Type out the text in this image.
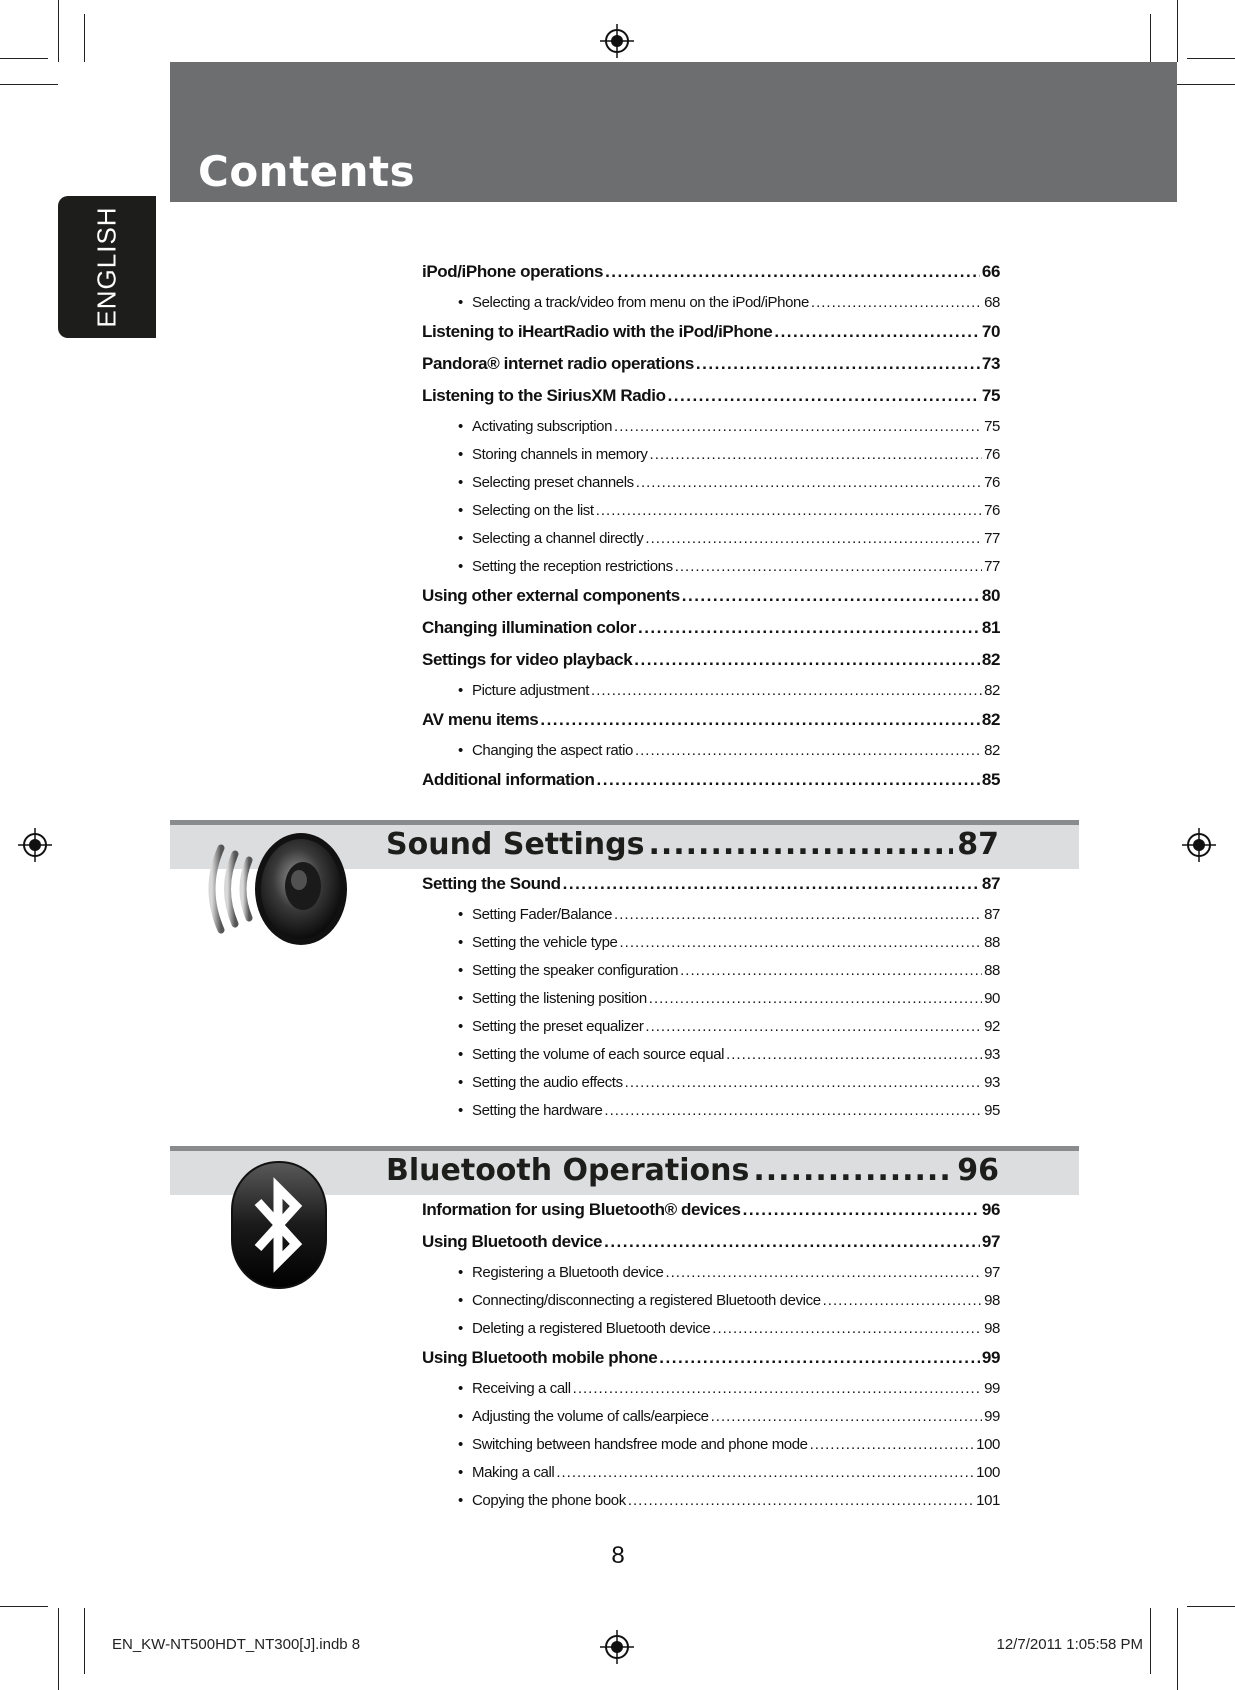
Contents
ENGLISH	iPod/iPhone operations .....	66
• Selecting a track/video from menu on the iPod/iPhone .....	68
Listening to iHeartRadio with the iPod/iPhone .....	70
Pandora® internet radio operations .....	73
Listening to the SiriusXM Radio .....	75
• Activating subscription .....	75
• Storing channels in memory .....	76
• Selecting preset channels .....	76
• Selecting on the list .....	76
• Selecting a channel directly .....	77
• Setting the reception restrictions .....	77
Using other external components .....	80
Changing illumination color .....	81
Settings for video playback .....	82
• Picture adjustment .....	82
AV menu items .....	82
• Changing the aspect ratio .....	82
Additional information .....	85
Sound Settings .....	87
Setting the Sound .....	87
• Setting Fader/Balance .....	87
• Setting the vehicle type .....	88
• Setting the speaker configuration .....	88
• Setting the listening position .....	90
• Setting the preset equalizer .....	92
• Setting the volume of each source equal .....	93
• Setting the audio effects .....	93
• Setting the hardware .....	95
Bluetooth Operations .....	96
Information for using Bluetooth® devices .....	96
Using Bluetooth device .....	97
• Registering a Bluetooth device .....	97
• Connecting/disconnecting a registered Bluetooth device .....	98
• Deleting a registered Bluetooth device .....	98
Using Bluetooth mobile phone .....	99
• Receiving a call .....	99
• Adjusting the volume of calls/earpiece .....	99
• Switching between handsfree mode and phone mode .....	100
• Making a call .....	100
• Copying the phone book .....	101
8
EN_KW-NT500HDT_NT300[J].indb 8	12/7/2011 1:05:58 PM
